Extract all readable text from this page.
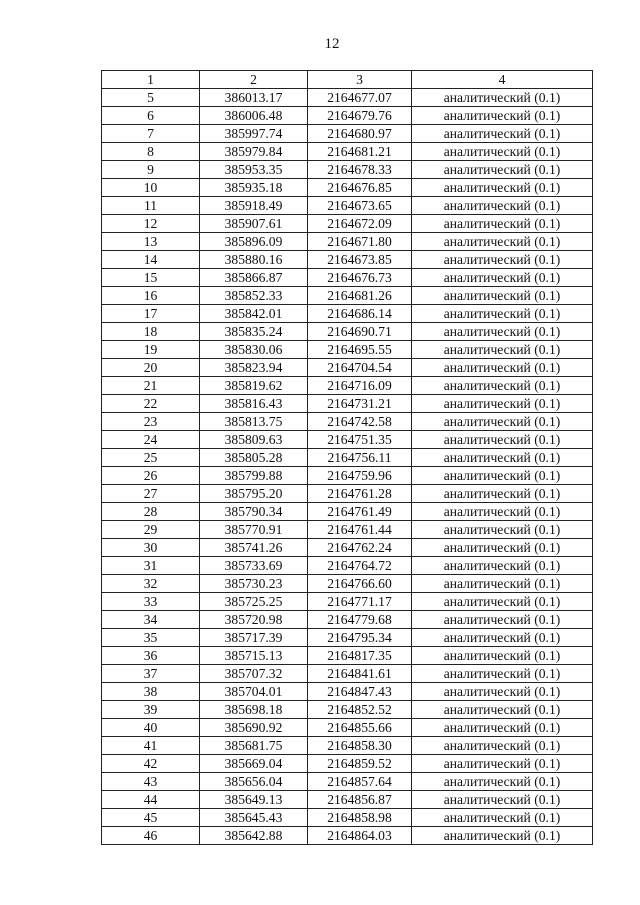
12
1	2	3	4
5	386013.17	2164677.07	аналитический (0.1)
6	386006.48	2164679.76	аналитический (0.1)
7	385997.74	2164680.97	аналитический (0.1)
8	385979.84	2164681.21	аналитический (0.1)
9	385953.35	2164678.33	аналитический (0.1)
10	385935.18	2164676.85	аналитический (0.1)
11	385918.49	2164673.65	аналитический (0.1)
12	385907.61	2164672.09	аналитический (0.1)
13	385896.09	2164671.80	аналитический (0.1)
14	385880.16	2164673.85	аналитический (0.1)
15	385866.87	2164676.73	аналитический (0.1)
16	385852.33	2164681.26	аналитический (0.1)
17	385842.01	2164686.14	аналитический (0.1)
18	385835.24	2164690.71	аналитический (0.1)
19	385830.06	2164695.55	аналитический (0.1)
20	385823.94	2164704.54	аналитический (0.1)
21	385819.62	2164716.09	аналитический (0.1)
22	385816.43	2164731.21	аналитический (0.1)
23	385813.75	2164742.58	аналитический (0.1)
24	385809.63	2164751.35	аналитический (0.1)
25	385805.28	2164756.11	аналитический (0.1)
26	385799.88	2164759.96	аналитический (0.1)
27	385795.20	2164761.28	аналитический (0.1)
28	385790.34	2164761.49	аналитический (0.1)
29	385770.91	2164761.44	аналитический (0.1)
30	385741.26	2164762.24	аналитический (0.1)
31	385733.69	2164764.72	аналитический (0.1)
32	385730.23	2164766.60	аналитический (0.1)
33	385725.25	2164771.17	аналитический (0.1)
34	385720.98	2164779.68	аналитический (0.1)
35	385717.39	2164795.34	аналитический (0.1)
36	385715.13	2164817.35	аналитический (0.1)
37	385707.32	2164841.61	аналитический (0.1)
38	385704.01	2164847.43	аналитический (0.1)
39	385698.18	2164852.52	аналитический (0.1)
40	385690.92	2164855.66	аналитический (0.1)
41	385681.75	2164858.30	аналитический (0.1)
42	385669.04	2164859.52	аналитический (0.1)
43	385656.04	2164857.64	аналитический (0.1)
44	385649.13	2164856.87	аналитический (0.1)
45	385645.43	2164858.98	аналитический (0.1)
46	385642.88	2164864.03	аналитический (0.1)
